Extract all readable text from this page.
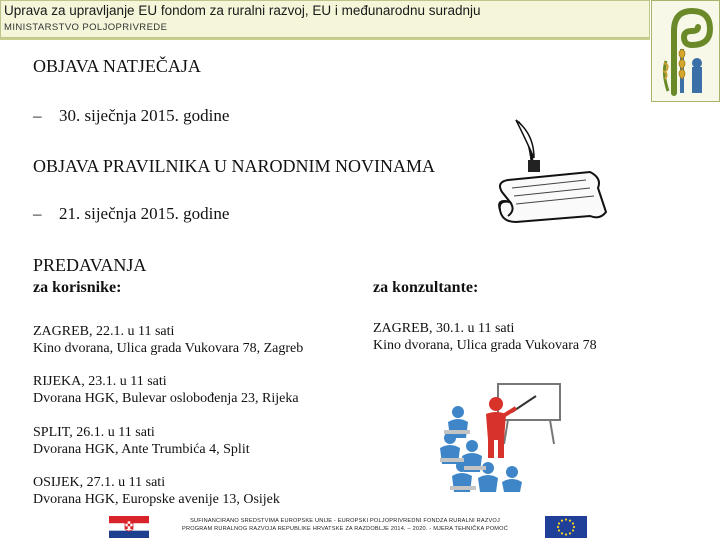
Uprava za upravljanje EU fondom za ruralni razvoj, EU i međunarodnu suradnju
MINISTARSTVO POLJOPRIVREDE
OBJAVA NATJEČAJA
– 30. siječnja 2015. godine
OBJAVA PRAVILNIKA U NARODNIM NOVINAMA
– 21. siječnja 2015. godine
PREDAVANJA
za korisnike:	za konzultante:
ZAGREB, 22.1. u 11 sati
Kino dvorana, Ulica grada Vukovara 78, Zagreb
ZAGREB, 30.1. u 11 sati
Kino dvorana, Ulica grada Vukovara 78
RIJEKA, 23.1. u 11 sati
Dvorana HGK, Bulevar oslobođenja 23, Rijeka
SPLIT, 26.1. u 11 sati
Dvorana HGK, Ante Trumbića 4, Split
OSIJEK, 27.1. u 11 sati
Dvorana HGK, Europske avenije 13, Osijek
SUFINANCIRANO SREDSTVIMA EUROPSKE UNIJE - EUROPSKI POLJOPRIVREDNI FONDZA RURALNI RAZVOJ
PROGRAM RURALNOG RAZVOJA REPUBLIKE HRVATSKE ZA RAZDOBLJE 2014. – 2020. - MJERA TEHNIČKA POMOĆ
